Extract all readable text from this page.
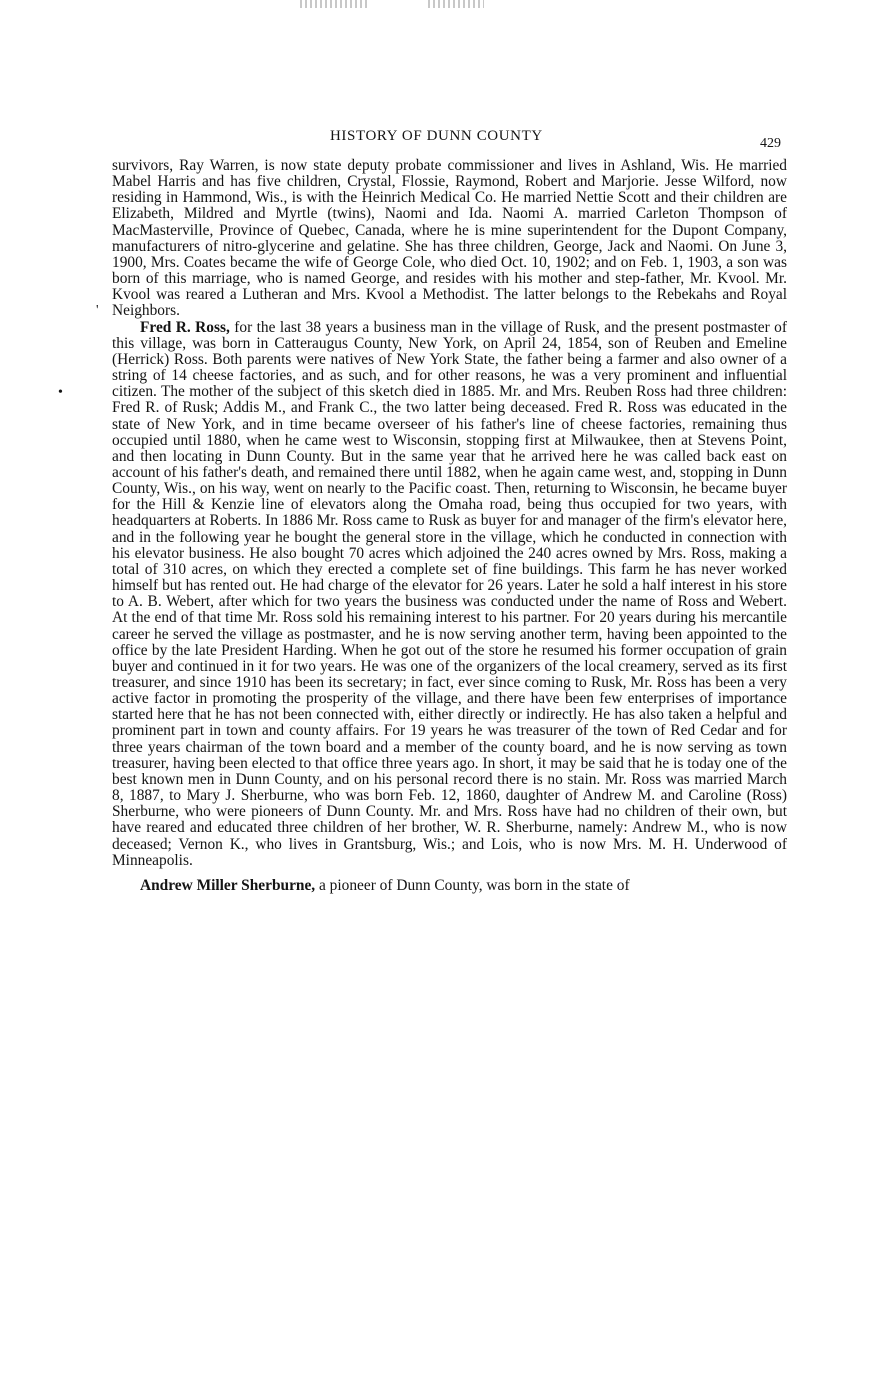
HISTORY OF DUNN COUNTY	429
•
'

survivors, Ray Warren, is now state deputy probate commissioner and lives in Ashland, Wis. He married Mabel Harris and has five children, Crystal, Flossie, Raymond, Robert and Marjorie. Jesse Wilford, now residing in Hammond, Wis., is with the Heinrich Medical Co. He married Nettie Scott and their children are Elizabeth, Mildred and Myrtle (twins), Naomi and Ida. Naomi A. married Carleton Thompson of MacMasterville, Province of Quebec, Canada, where he is mine superintendent for the Dupont Company, manufacturers of nitro-glycerine and gelatine. She has three children, George, Jack and Naomi. On June 3, 1900, Mrs. Coates became the wife of George Cole, who died Oct. 10, 1902; and on Feb. 1, 1903, a son was born of this marriage, who is named George, and resides with his mother and step-father, Mr. Kvool. Mr. Kvool was reared a Lutheran and Mrs. Kvool a Methodist. The latter belongs to the Rebekahs and Royal Neighbors.

Fred R. Ross, for the last 38 years a business man in the village of Rusk, and the present postmaster of this village, was born in Catteraugus County, New York, on April 24, 1854, son of Reuben and Emeline (Herrick) Ross. Both parents were natives of New York State, the father being a farmer and also owner of a string of 14 cheese factories, and as such, and for other reasons, he was a very prominent and influential citizen. The mother of the subject of this sketch died in 1885. Mr. and Mrs. Reuben Ross had three children: Fred R. of Rusk; Addis M., and Frank C., the two latter being deceased. Fred R. Ross was educated in the state of New York, and in time became overseer of his father's line of cheese factories, remaining thus occupied until 1880, when he came west to Wisconsin, stopping first at Milwaukee, then at Stevens Point, and then locating in Dunn County. But in the same year that he arrived here he was called back east on account of his father's death, and remained there until 1882, when he again came west, and, stopping in Dunn County, Wis., on his way, went on nearly to the Pacific coast. Then, returning to Wisconsin, he became buyer for the Hill & Kenzie line of elevators along the Omaha road, being thus occupied for two years, with headquarters at Roberts. In 1886 Mr. Ross came to Rusk as buyer for and manager of the firm's elevator here, and in the following year he bought the general store in the village, which he conducted in connection with his elevator business. He also bought 70 acres which adjoined the 240 acres owned by Mrs. Ross, making a total of 310 acres, on which they erected a complete set of fine buildings. This farm he has never worked himself but has rented out. He had charge of the elevator for 26 years. Later he sold a half interest in his store to A. B. Webert, after which for two years the business was conducted under the name of Ross and Webert. At the end of that time Mr. Ross sold his remaining interest to his partner. For 20 years during his mercantile career he served the village as postmaster, and he is now serving another term, having been appointed to the office by the late President Harding. When he got out of the store he resumed his former occupation of grain buyer and continued in it for two years. He was one of the organizers of the local creamery, served as its first treasurer, and since 1910 has been its secretary; in fact, ever since coming to Rusk, Mr. Ross has been a very active factor in promoting the prosperity of the village, and there have been few enterprises of importance started here that he has not been connected with, either directly or indirectly. He has also taken a helpful and prominent part in town and county affairs. For 19 years he was treasurer of the town of Red Cedar and for three years chairman of the town board and a member of the county board, and he is now serving as town treasurer, having been elected to that office three years ago. In short, it may be said that he is today one of the best known men in Dunn County, and on his personal record there is no stain. Mr. Ross was married March 8, 1887, to Mary J. Sherburne, who was born Feb. 12, 1860, daughter of Andrew M. and Caroline (Ross) Sherburne, who were pioneers of Dunn County. Mr. and Mrs. Ross have had no children of their own, but have reared and educated three children of her brother, W. R. Sherburne, namely: Andrew M., who is now deceased; Vernon K., who lives in Grantsburg, Wis.; and Lois, who is now Mrs. M. H. Underwood of Minneapolis.

Andrew Miller Sherburne, a pioneer of Dunn County, was born in the state of
